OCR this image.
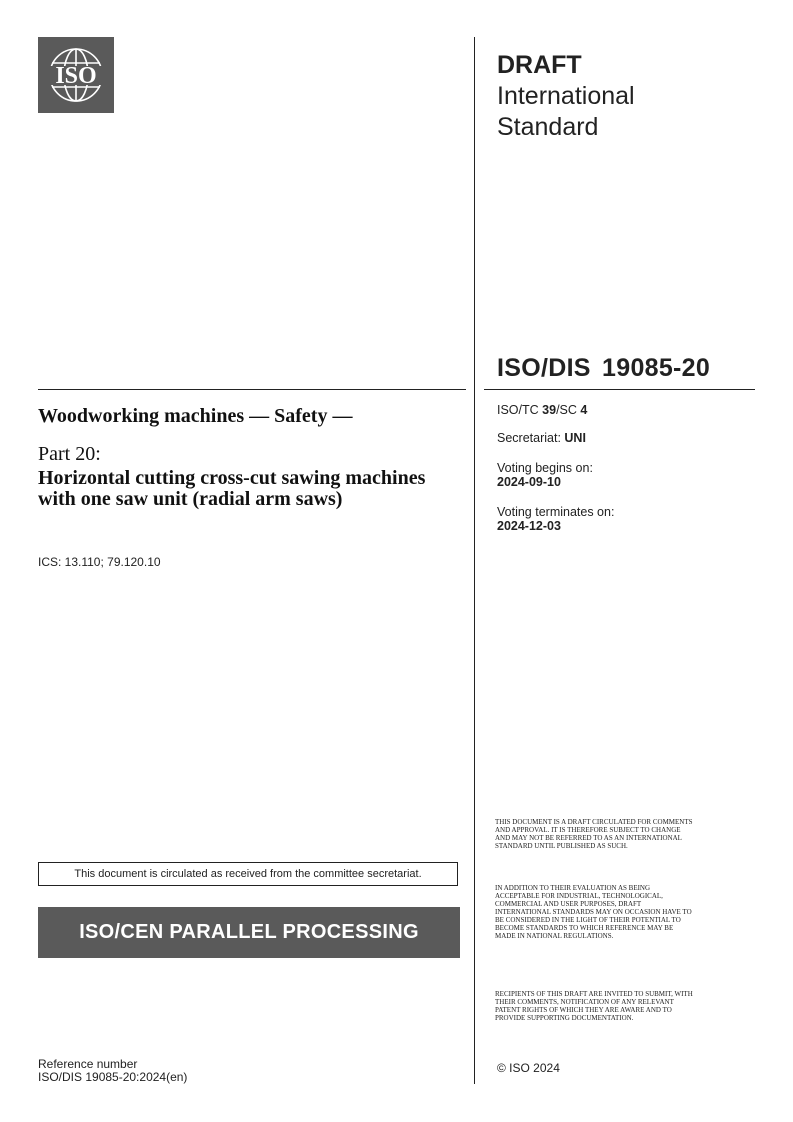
ISO	DRAFT
International
Standard
ISO/DIS 19085-20
Woodworking machines — Safety —
Part 20:
Horizontal cutting cross-cut sawing machines with one saw unit (radial arm saws)
ICS: 13.110; 79.120.10
ISO/TC 39/SC 4
Secretariat: UNI
Voting begins on:
2024-09-10
Voting terminates on:
2024-12-03
THIS DOCUMENT IS A DRAFT CIRCULATED FOR COMMENTS AND APPROVAL. IT IS THEREFORE SUBJECT TO CHANGE AND MAY NOT BE REFERRED TO AS AN INTERNATIONAL STANDARD UNTIL PUBLISHED AS SUCH.
IN ADDITION TO THEIR EVALUATION AS BEING ACCEPTABLE FOR INDUSTRIAL, TECHNOLOGICAL, COMMERCIAL AND USER PURPOSES, DRAFT INTERNATIONAL STANDARDS MAY ON OCCASION HAVE TO BE CONSIDERED IN THE LIGHT OF THEIR POTENTIAL TO BECOME STANDARDS TO WHICH REFERENCE MAY BE MADE IN NATIONAL REGULATIONS.
RECIPIENTS OF THIS DRAFT ARE INVITED TO SUBMIT, WITH THEIR COMMENTS, NOTIFICATION OF ANY RELEVANT PATENT RIGHTS OF WHICH THEY ARE AWARE AND TO PROVIDE SUPPORTING DOCUMENTATION.
© ISO 2024
This document is circulated as received from the committee secretariat.
ISO/CEN PARALLEL PROCESSING
Reference number
ISO/DIS 19085-20:2024(en)
